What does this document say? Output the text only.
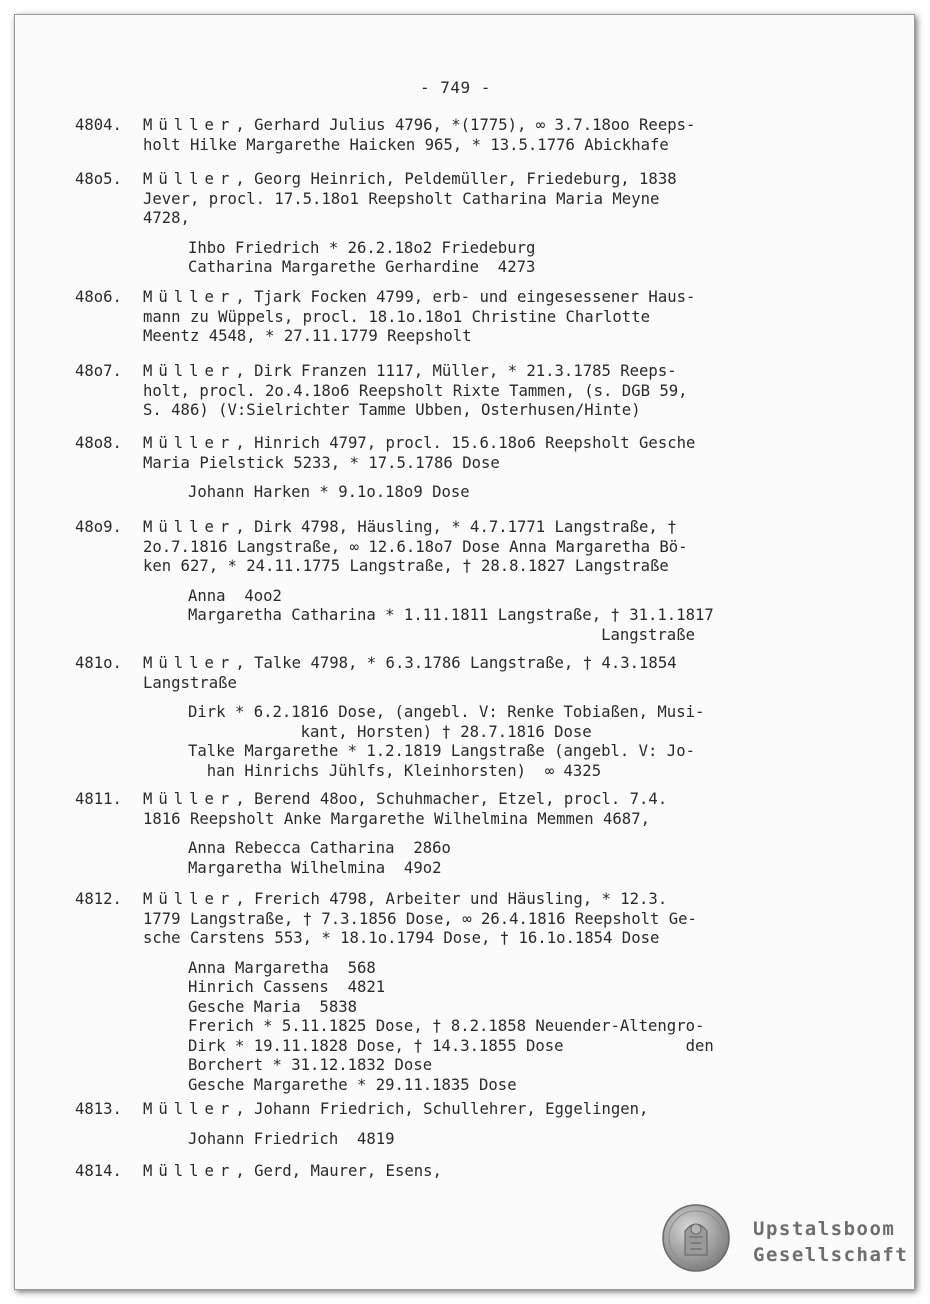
- 749 -
4804. Müller, Gerhard Julius 4796, *(1775), ∞ 3.7.18oo Reeps-
holt Hilke Margarethe Haicken 965, * 13.5.1776 Abickhafe
48o5. Müller, Georg Heinrich, Peldemüller, Friedeburg, 1838
Jever, procl. 17.5.18o1 Reepsholt Catharina Maria Meyne
4728,
Ihbo Friedrich * 26.2.18o2 Friedeburg
Catharina Margarethe Gerhardine  4273
48o6. Müller, Tjark Focken 4799, erb- und eingesessener Haus-
mann zu Wüppels, procl. 18.1o.18o1 Christine Charlotte
Meentz 4548, * 27.11.1779 Reepsholt
48o7. Müller, Dirk Franzen 1117, Müller, * 21.3.1785 Reeps-
holt, procl. 2o.4.18o6 Reepsholt Rixte Tammen, (s. DGB 59,
S. 486) (V:Sielrichter Tamme Ubben, Osterhusen/Hinte)
48o8. Müller, Hinrich 4797, procl. 15.6.18o6 Reepsholt Gesche
Maria Pielstick 5233, * 17.5.1786 Dose
Johann Harken * 9.1o.18o9 Dose
48o9. Müller, Dirk 4798, Häusling, * 4.7.1771 Langstraße, †
2o.7.1816 Langstraße, ∞ 12.6.18o7 Dose Anna Margaretha Bö-
ken 627, * 24.11.1775 Langstraße, † 28.8.1827 Langstraße
Anna  4oo2
Margaretha Catharina * 1.11.1811 Langstraße, † 31.1.1817
Langstraße
481o. Müller, Talke 4798, * 6.3.1786 Langstraße, † 4.3.1854
Langstraße
Dirk * 6.2.1816 Dose, (angebl. V: Renke Tobiaßen, Musi-
kant, Horsten) † 28.7.1816 Dose
Talke Margarethe * 1.2.1819 Langstraße (angebl. V: Jo-
han Hinrichs Jühlfs, Kleinhorsten)  ∞ 4325
4811. Müller, Berend 48oo, Schuhmacher, Etzel, procl. 7.4.
1816 Reepsholt Anke Margarethe Wilhelmina Memmen 4687,
Anna Rebecca Catharina  286o
Margaretha Wilhelmina  49o2
4812. Müller, Frerich 4798, Arbeiter und Häusling, * 12.3.
1779 Langstraße, † 7.3.1856 Dose, ∞ 26.4.1816 Reepsholt Ge-
sche Carstens 553, * 18.1o.1794 Dose, † 16.1o.1854 Dose
Anna Margaretha  568
Hinrich Cassens  4821
Gesche Maria  5838
Frerich * 5.11.1825 Dose, † 8.2.1858 Neuender-Altengro-
Dirk * 19.11.1828 Dose, † 14.3.1855 Dose             den
Borchert * 31.12.1832 Dose
Gesche Margarethe * 29.11.1835 Dose
4813. Müller, Johann Friedrich, Schullehrer, Eggelingen,
Johann Friedrich  4819
4814. Müller, Gerd, Maurer, Esens,
Upstalsboom
Gesellschaft
